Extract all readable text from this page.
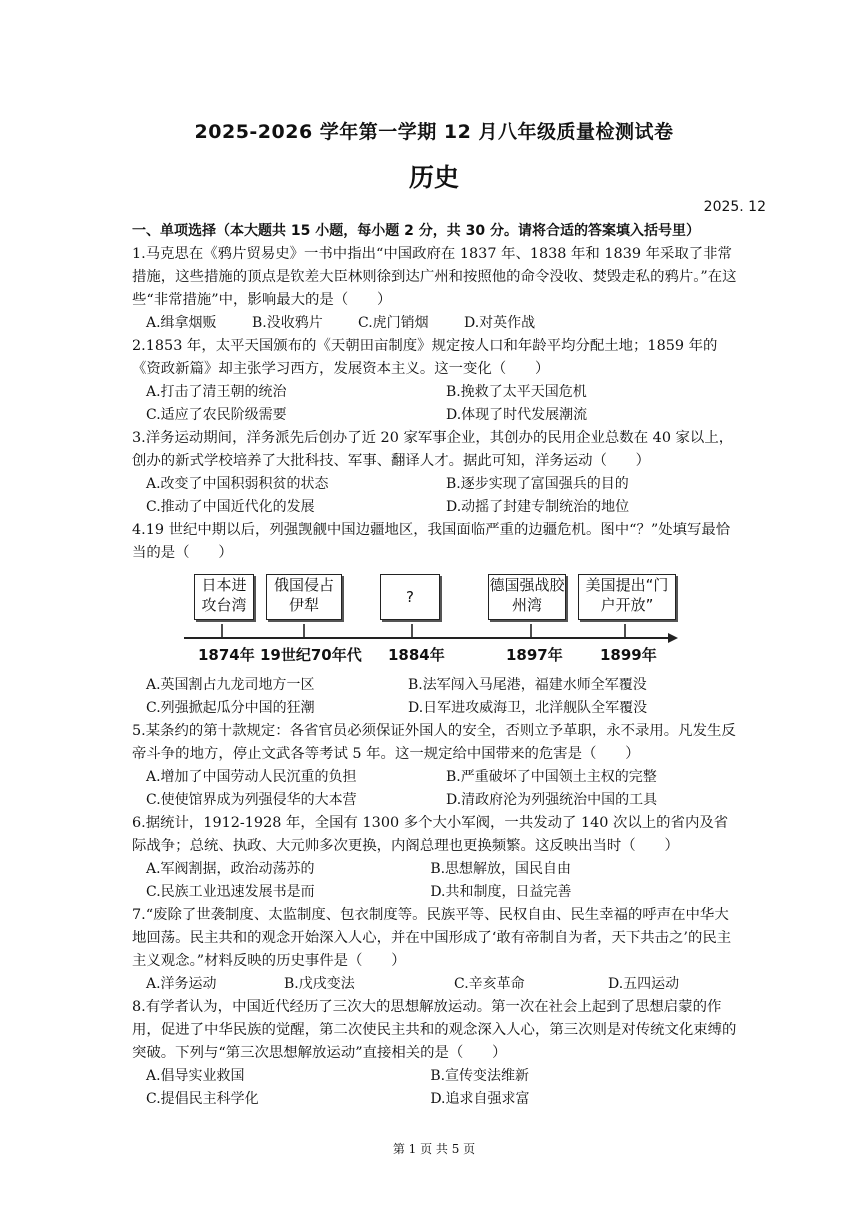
2025-2026 学年第一学期 12 月八年级质量检测试卷
历史
2025. 12
一、单项选择（本大题共 15 小题，每小题 2 分，共 30 分。请将合适的答案填入括号里）
1.马克思在《鸦片贸易史》一书中指出“中国政府在 1837 年、1838 年和 1839 年采取了非常措施，这些措施的顶点是钦差大臣林则徐到达广州和按照他的命令没收、焚毁走私的鸦片。”在这些“非常措施”中，影响最大的是（　　）
A.缉拿烟贩	B.没收鸦片	C.虎门销烟	D.对英作战
2.1853 年，太平天国颁布的《天朝田亩制度》规定按人口和年龄平均分配土地；1859 年的《资政新篇》却主张学习西方，发展资本主义。这一变化（　　）
A.打击了清王朝的统治	B.挽救了太平天国危机
C.适应了农民阶级需要	D.体现了时代发展潮流
3.洋务运动期间，洋务派先后创办了近 20 家军事企业，其创办的民用企业总数在 40 家以上，创办的新式学校培养了大批科技、军事、翻译人才。据此可知，洋务运动（　　）
A.改变了中国积弱积贫的状态	B.逐步实现了富国强兵的目的
C.推动了中国近代化的发展	D.动摇了封建专制统治的地位
4.19 世纪中期以后，列强觊觎中国边疆地区，我国面临严重的边疆危机。图中“？”处填写最恰当的是（　　）
日本进攻台湾
俄国侵占伊犁	?
德国强战胶州湾
美国提出“门户开放”
1874年 19世纪70年代 1884年	1897年 1899年
A.英国割占九龙司地方一区	B.法军闯入马尾港，福建水师全军覆没
C.列强掀起瓜分中国的狂潮	D.日军进攻威海卫，北洋舰队全军覆没
5.某条约的第十款规定：各省官员必须保证外国人的安全，否则立予革职，永不录用。凡发生反帝斗争的地方，停止文武各等考试 5 年。这一规定给中国带来的危害是（　　）
A.增加了中国劳动人民沉重的负担	B.严重破坏了中国领土主权的完整
C.使使馆界成为列强侵华的大本营	D.清政府沦为列强统治中国的工具
6.据统计，1912-1928 年，全国有 1300 多个大小军阀，一共发动了 140 次以上的省内及省际战争；总统、执政、大元帅多次更换，内阁总理也更换频繁。这反映出当时（　　）
A.军阀割据，政治动荡苏的	B.思想解放，国民自由
C.民族工业迅速发展书是而	D.共和制度，日益完善
7.“废除了世袭制度、太监制度、包衣制度等。民族平等、民权自由、民生幸福的呼声在中华大地回荡。民主共和的观念开始深入人心，并在中国形成了‘敢有帝制自为者，天下共击之’的民主主义观念。”材料反映的历史事件是（　　）
A.洋务运动	B.戊戌变法	C.辛亥革命	D.五四运动
8.有学者认为，中国近代经历了三次大的思想解放运动。第一次在社会上起到了思想启蒙的作用，促进了中华民族的觉醒，第二次使民主共和的观念深入人心，第三次则是对传统文化束缚的突破。下列与“第三次思想解放运动”直接相关的是（　　）
A.倡导实业救国	B.宣传变法维新
C.提倡民主科学化	D.追求自强求富
第 1 页 共 5 页
